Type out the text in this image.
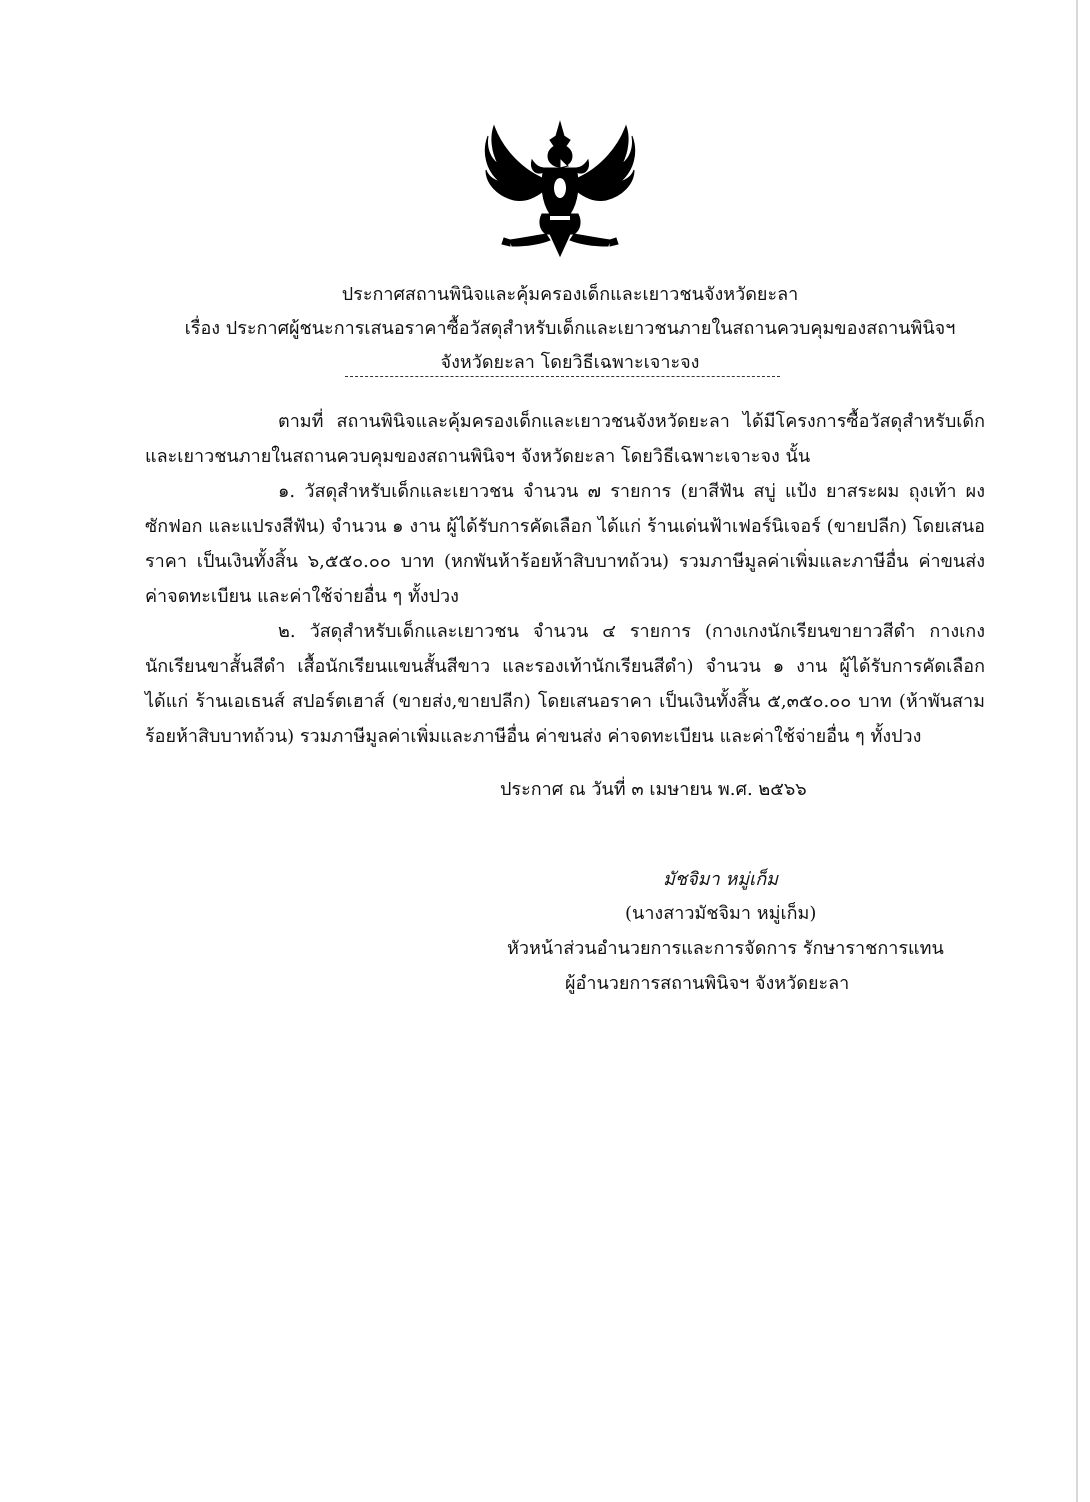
ประกาศสถานพินิจและคุ้มครองเด็กและเยาวชนจังหวัดยะลา
เรื่อง ประกาศผู้ชนะการเสนอราคาซื้อวัสดุสำหรับเด็กและเยาวชนภายในสถานควบคุมของสถานพินิจฯ
จังหวัดยะลา โดยวิธีเฉพาะเจาะจง

ตามที่ สถานพินิจและคุ้มครองเด็กและเยาวชนจังหวัดยะลา ได้มีโครงการซื้อวัสดุสำหรับเด็กและเยาวชนภายในสถานควบคุมของสถานพินิจฯ จังหวัดยะลา โดยวิธีเฉพาะเจาะจง นั้น

๑. วัสดุสำหรับเด็กและเยาวชน จำนวน ๗ รายการ (ยาสีฟัน สบู่ แป้ง ยาสระผม ถุงเท้า ผงซักฟอก และแปรงสีฟัน) จำนวน ๑ งาน ผู้ได้รับการคัดเลือก ได้แก่ ร้านเด่นฟ้าเฟอร์นิเจอร์ (ขายปลีก) โดยเสนอราคา เป็นเงินทั้งสิ้น ๖,๕๕๐.๐๐ บาท (หกพันห้าร้อยห้าสิบบาทถ้วน) รวมภาษีมูลค่าเพิ่มและภาษีอื่น ค่าขนส่ง ค่าจดทะเบียน และค่าใช้จ่ายอื่น ๆ ทั้งปวง

๒. วัสดุสำหรับเด็กและเยาวชน จำนวน ๔ รายการ (กางเกงนักเรียนขายาวสีดำ กางเกงนักเรียนขาสั้นสีดำ เสื้อนักเรียนแขนสั้นสีขาว และรองเท้านักเรียนสีดำ) จำนวน ๑ งาน ผู้ได้รับการคัดเลือก ได้แก่ ร้านเอเธนส์ สปอร์ตเฮาส์ (ขายส่ง,ขายปลีก) โดยเสนอราคา เป็นเงินทั้งสิ้น ๕,๓๕๐.๐๐ บาท (ห้าพันสามร้อยห้าสิบบาทถ้วน) รวมภาษีมูลค่าเพิ่มและภาษีอื่น ค่าขนส่ง ค่าจดทะเบียน และค่าใช้จ่ายอื่น ๆ ทั้งปวง

ประกาศ ณ วันที่ ๓ เมษายน พ.ศ. ๒๕๖๖
มัชจิมา หมู่เก็ม
(นางสาวมัชจิมา หมู่เก็ม)
หัวหน้าส่วนอำนวยการและการจัดการ รักษาราชการแทน
ผู้อำนวยการสถานพินิจฯ จังหวัดยะลา
